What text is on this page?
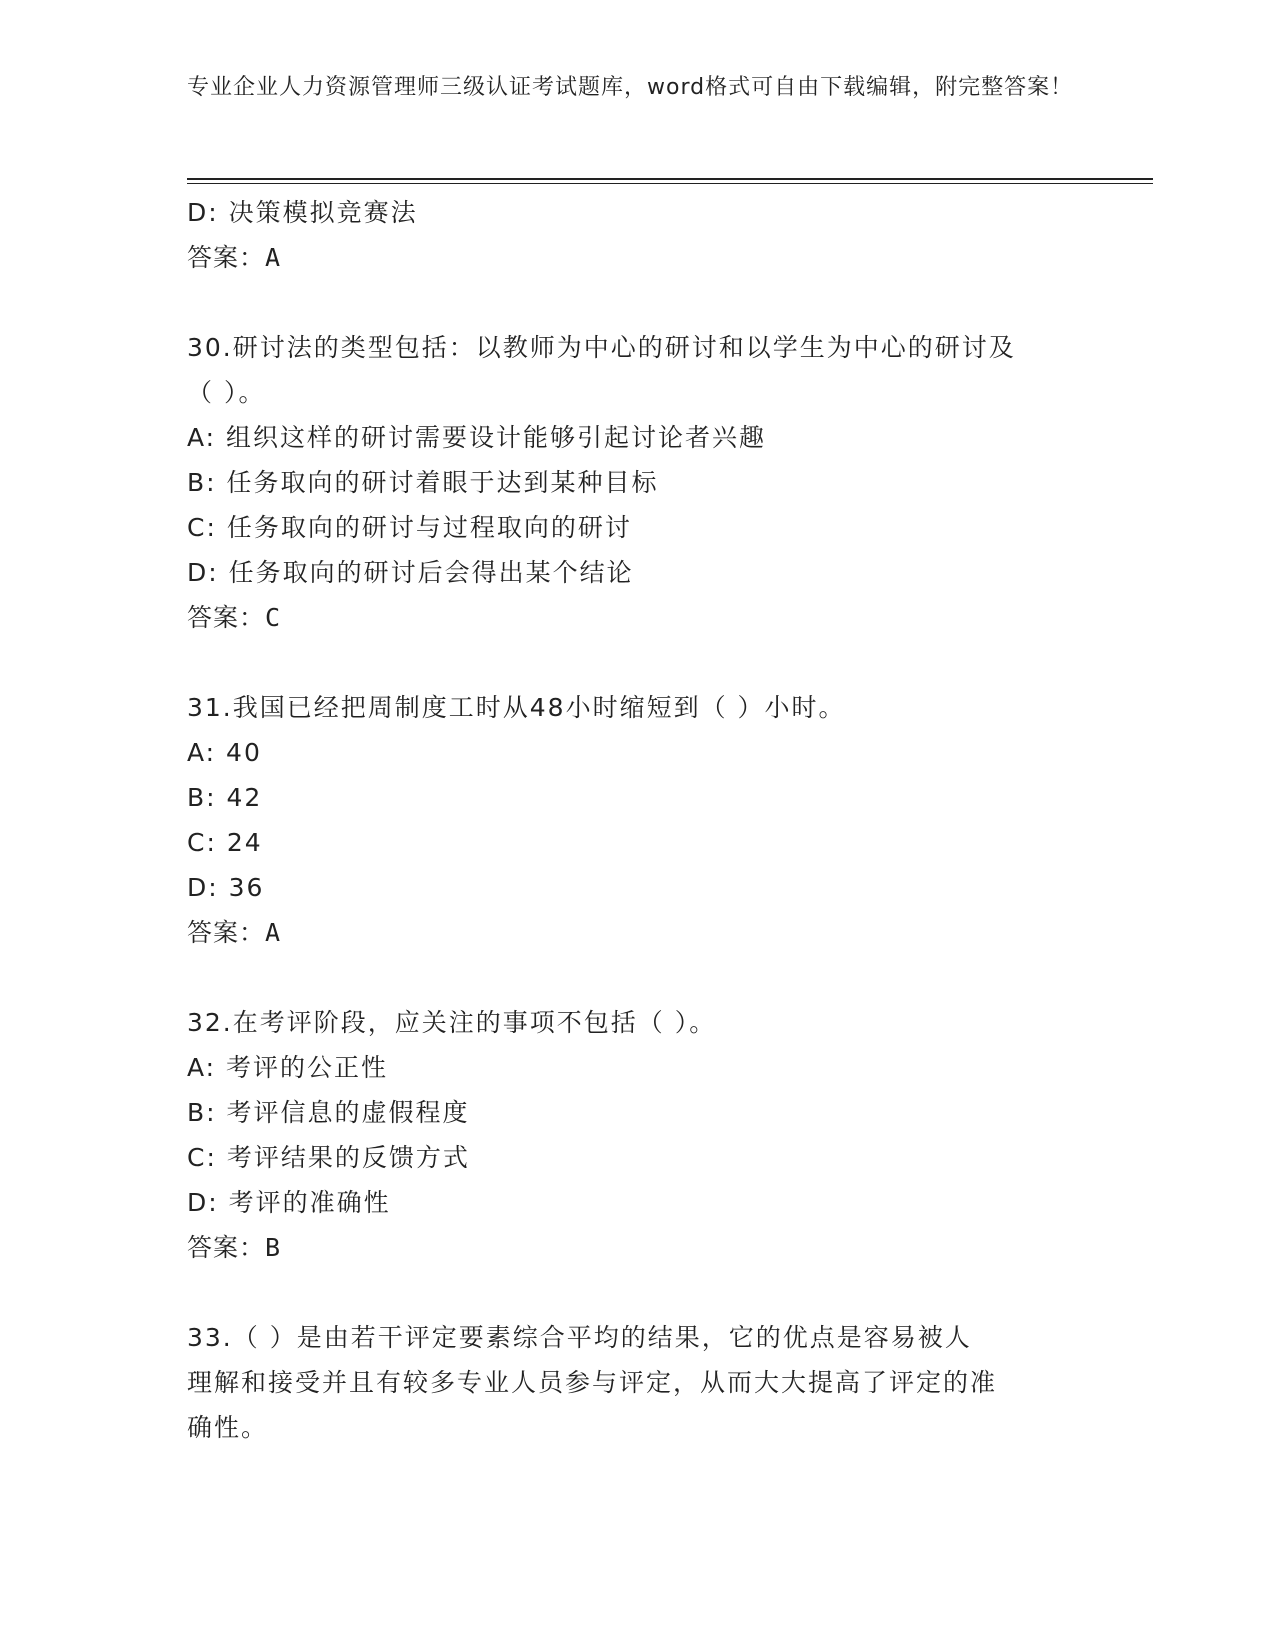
专业企业人力资源管理师三级认证考试题库，word格式可自由下载编辑，附完整答案！
D: 决策模拟竞赛法
答案：A
30.研讨法的类型包括：以教师为中心的研讨和以学生为中心的研讨及
（ ）。
A: 组织这样的研讨需要设计能够引起讨论者兴趣
B: 任务取向的研讨着眼于达到某种目标
C: 任务取向的研讨与过程取向的研讨
D: 任务取向的研讨后会得出某个结论
答案：C
31.我国已经把周制度工时从48小时缩短到（ ）小时。
A: 40
B: 42
C: 24
D: 36
答案：A
32.在考评阶段，应关注的事项不包括（ ）。
A: 考评的公正性
B: 考评信息的虚假程度
C: 考评结果的反馈方式
D: 考评的准确性
答案：B
33.（ ）是由若干评定要素综合平均的结果，它的优点是容易被人
理解和接受并且有较多专业人员参与评定，从而大大提高了评定的准
确性。
